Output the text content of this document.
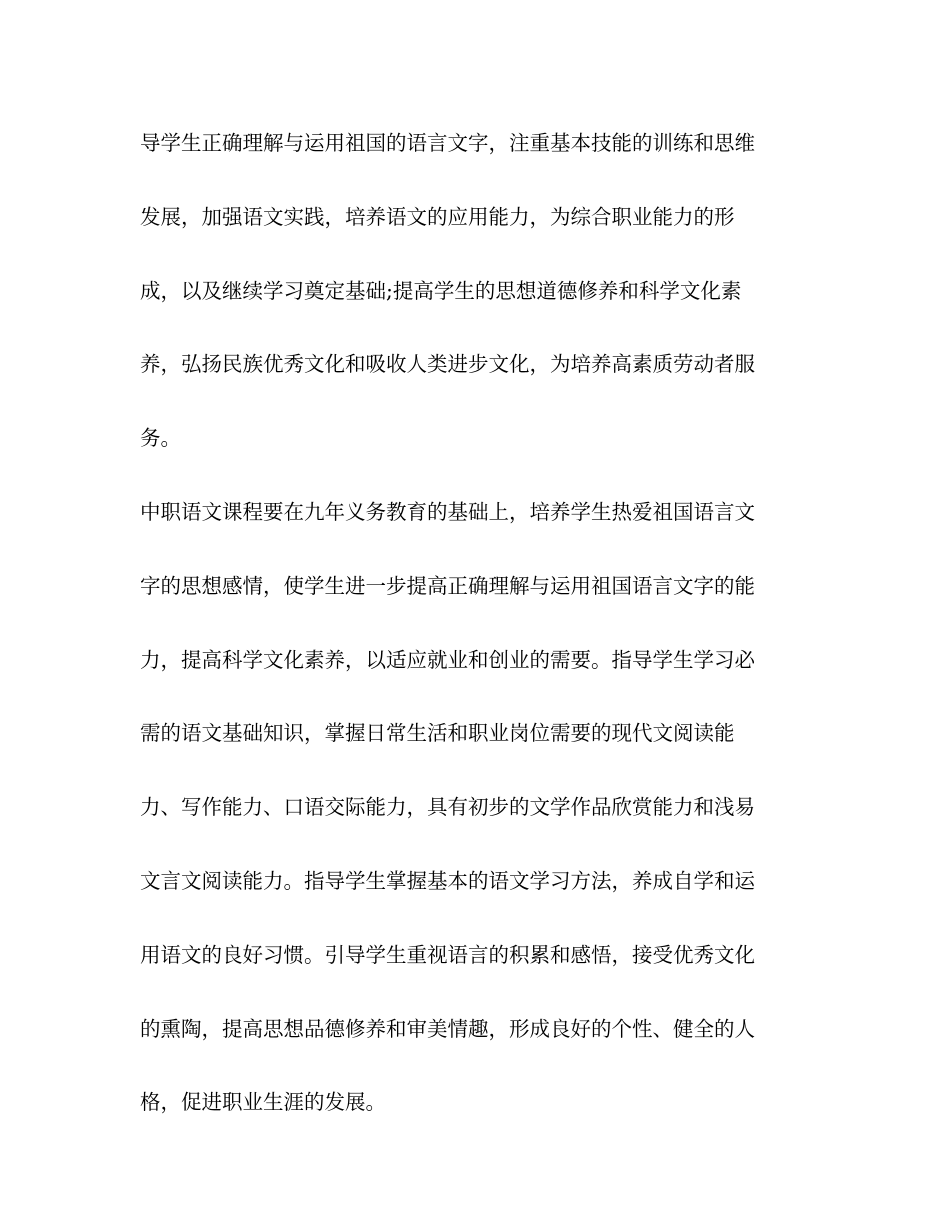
导学生正确理解与运用祖国的语言文字，注重基本技能的训练和思维
发展，加强语文实践，培养语文的应用能力，为综合职业能力的形
成，以及继续学习奠定基础;提高学生的思想道德修养和科学文化素
养，弘扬民族优秀文化和吸收人类进步文化，为培养高素质劳动者服
务。
中职语文课程要在九年义务教育的基础上，培养学生热爱祖国语言文
字的思想感情，使学生进一步提高正确理解与运用祖国语言文字的能
力，提高科学文化素养，以适应就业和创业的需要。指导学生学习必
需的语文基础知识，掌握日常生活和职业岗位需要的现代文阅读能
力、写作能力、口语交际能力，具有初步的文学作品欣赏能力和浅易
文言文阅读能力。指导学生掌握基本的语文学习方法，养成自学和运
用语文的良好习惯。引导学生重视语言的积累和感悟，接受优秀文化
的熏陶，提高思想品德修养和审美情趣，形成良好的个性、健全的人
格，促进职业生涯的发展。
